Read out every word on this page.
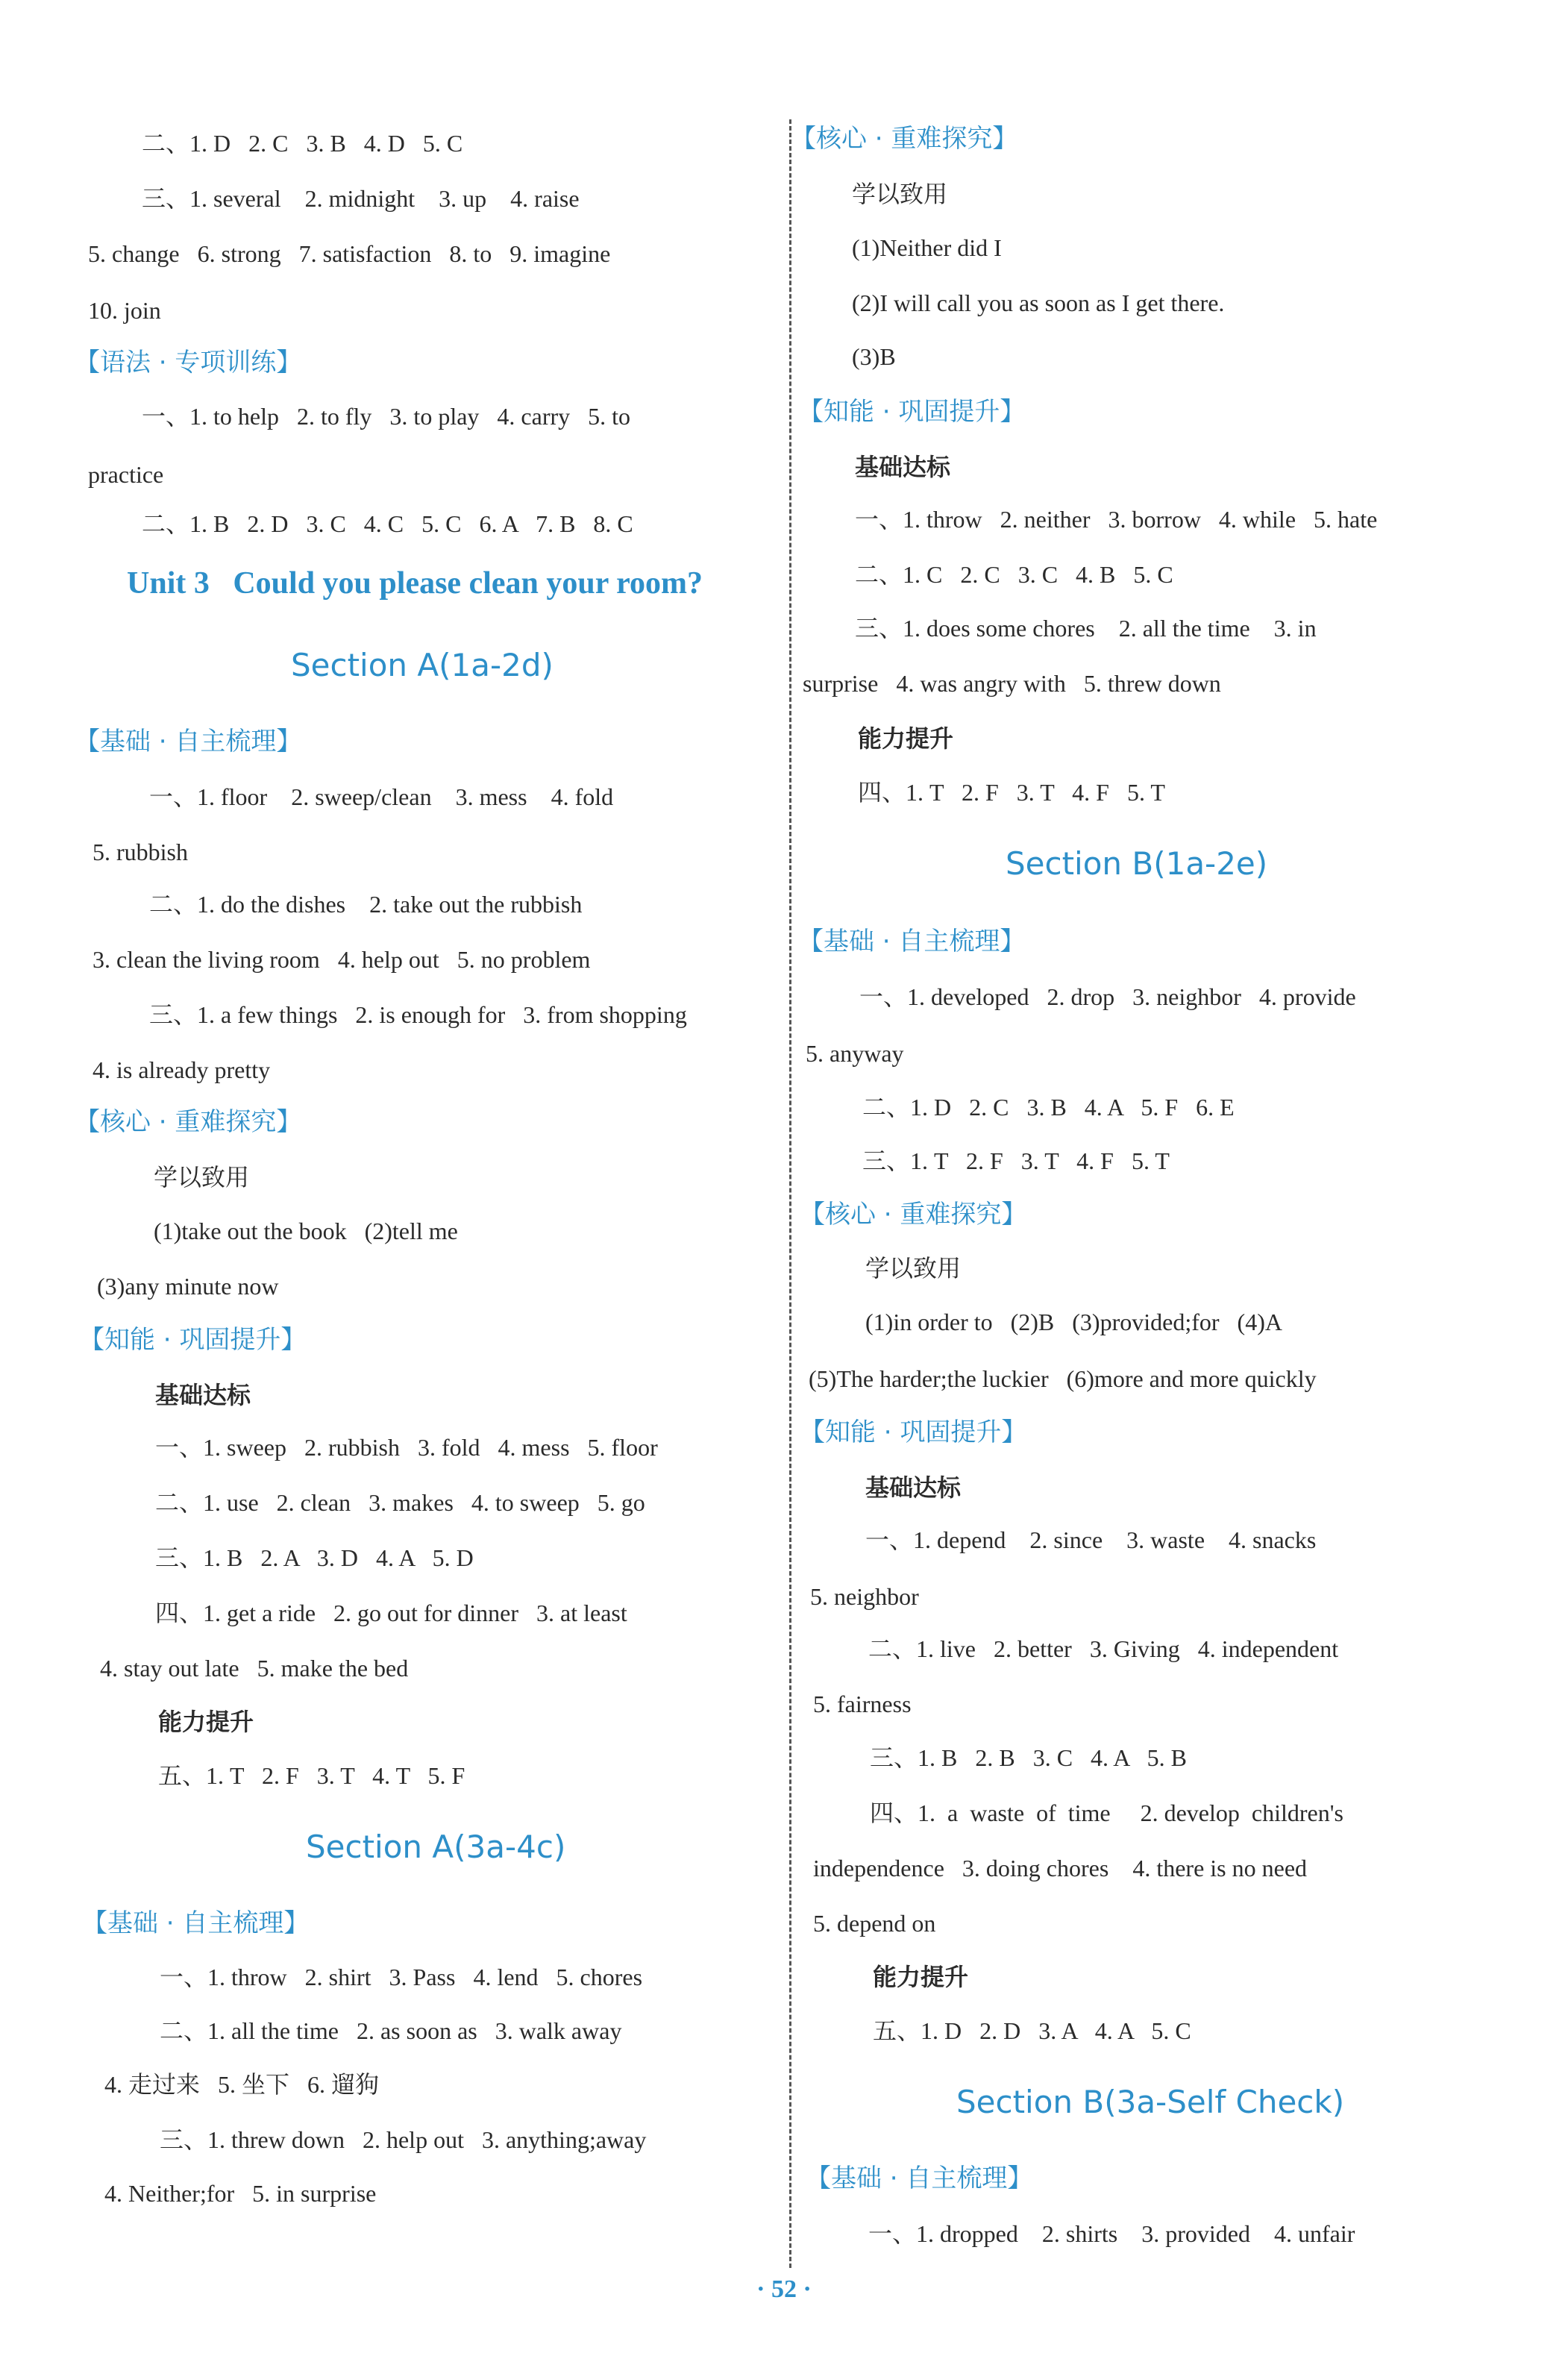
二、1. D   2. C   3. B   4. D   5. C
三、1. several    2. midnight    3. up    4. raise
5. change   6. strong   7. satisfaction   8. to   9. imagine
10. join
【语法 · 专项训练】
一、1. to help   2. to fly   3. to play   4. carry   5. to
practice
二、1. B   2. D   3. C   4. C   5. C   6. A   7. B   8. C
Unit 3   Could you please clean your room?
Section A(1a-2d)
【基础 · 自主梳理】
一、1. floor    2. sweep/clean    3. mess    4. fold
5. rubbish
二、1. do the dishes    2. take out the rubbish
3. clean the living room   4. help out   5. no problem
三、1. a few things   2. is enough for   3. from shopping
4. is already pretty
【核心 · 重难探究】
学以致用
(1)take out the book   (2)tell me
(3)any minute now
【知能 · 巩固提升】
基础达标
一、1. sweep   2. rubbish   3. fold   4. mess   5. floor
二、1. use   2. clean   3. makes   4. to sweep   5. go
三、1. B   2. A   3. D   4. A   5. D
四、1. get a ride   2. go out for dinner   3. at least
4. stay out late   5. make the bed
能力提升
五、1. T   2. F   3. T   4. T   5. F
Section A(3a-4c)
【基础 · 自主梳理】
一、1. throw   2. shirt   3. Pass   4. lend   5. chores
二、1. all the time   2. as soon as   3. walk away
4. 走过来   5. 坐下   6. 遛狗
三、1. threw down   2. help out   3. anything;away
4. Neither;for   5. in surprise
【核心 · 重难探究】
学以致用
(1)Neither did I
(2)I will call you as soon as I get there.
(3)B
【知能 · 巩固提升】
基础达标
一、1. throw   2. neither   3. borrow   4. while   5. hate
二、1. C   2. C   3. C   4. B   5. C
三、1. does some chores    2. all the time    3. in
surprise   4. was angry with   5. threw down
能力提升
四、1. T   2. F   3. T   4. F   5. T
Section B(1a-2e)
【基础 · 自主梳理】
一、1. developed   2. drop   3. neighbor   4. provide
5. anyway
二、1. D   2. C   3. B   4. A   5. F   6. E
三、1. T   2. F   3. T   4. F   5. T
【核心 · 重难探究】
学以致用
(1)in order to   (2)B   (3)provided;for   (4)A
(5)The harder;the luckier   (6)more and more quickly
【知能 · 巩固提升】
基础达标
一、1. depend    2. since    3. waste    4. snacks
5. neighbor
二、1. live   2. better   3. Giving   4. independent
5. fairness
三、1. B   2. B   3. C   4. A   5. B
四、1.  a  waste  of  time     2. develop  children's
independence   3. doing chores    4. there is no need
5. depend on
能力提升
五、1. D   2. D   3. A   4. A   5. C
Section B(3a-Self Check)
【基础 · 自主梳理】
一、1. dropped    2. shirts    3. provided    4. unfair
· 52 ·
